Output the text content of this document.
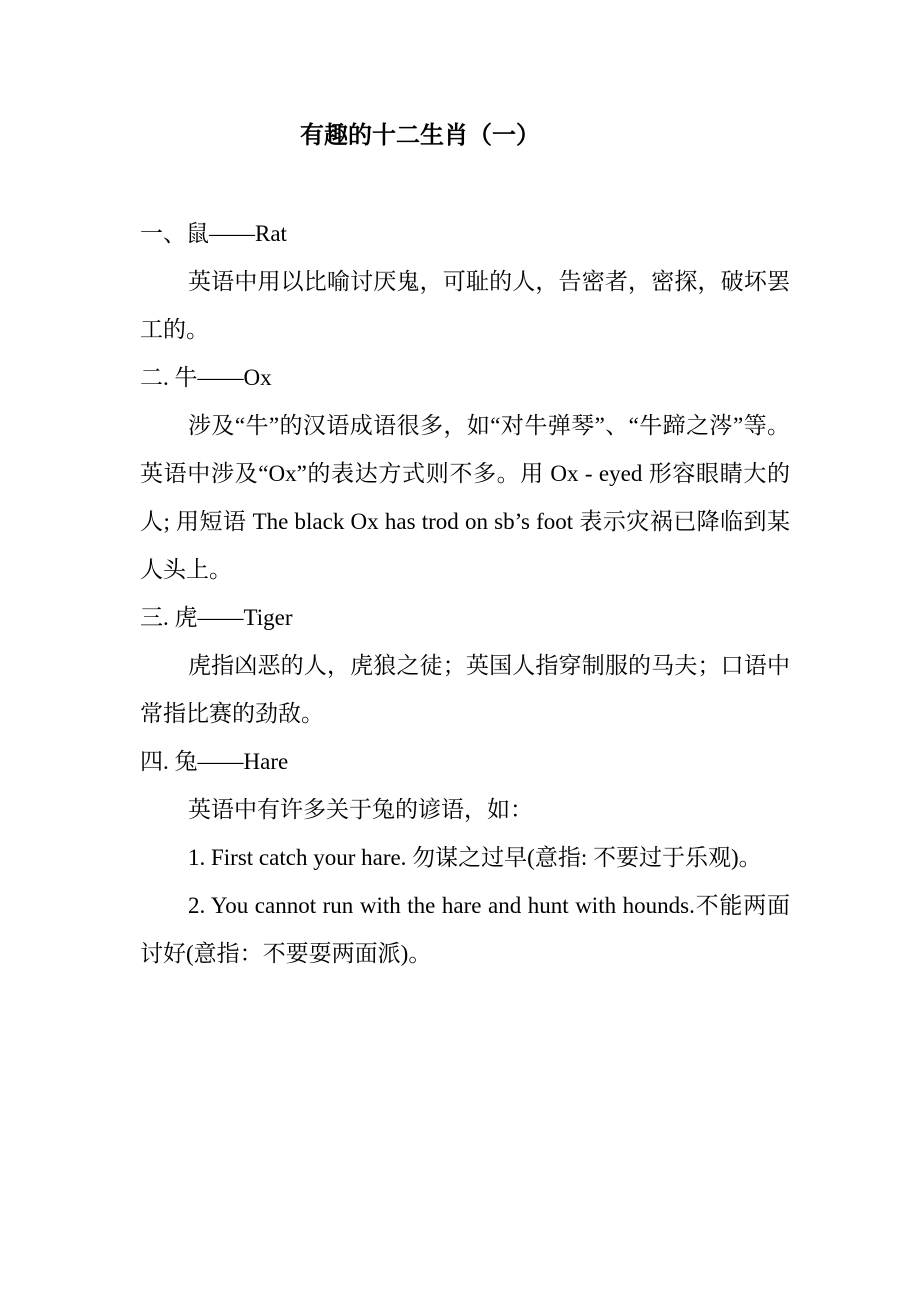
有趣的十二生肖（一）

一、鼠——Rat

英语中用以比喻讨厌鬼，可耻的人，告密者，密探，破坏罢工的。

二. 牛——Ox

涉及“牛”的汉语成语很多，如“对牛弹琴”、“牛蹄之涔”等。英语中涉及“Ox”的表达方式则不多。用 Ox - eyed 形容眼睛大的人; 用短语 The black Ox has trod on sb’s foot 表示灾祸已降临到某人头上。

三. 虎——Tiger

虎指凶恶的人，虎狼之徒；英国人指穿制服的马夫；口语中常指比赛的劲敌。

四. 兔——Hare

英语中有许多关于兔的谚语，如：

1. First catch your hare. 勿谋之过早(意指: 不要过于乐观)。

2. You cannot run with the hare and hunt with hounds.不能两面讨好(意指：不要耍两面派)。
